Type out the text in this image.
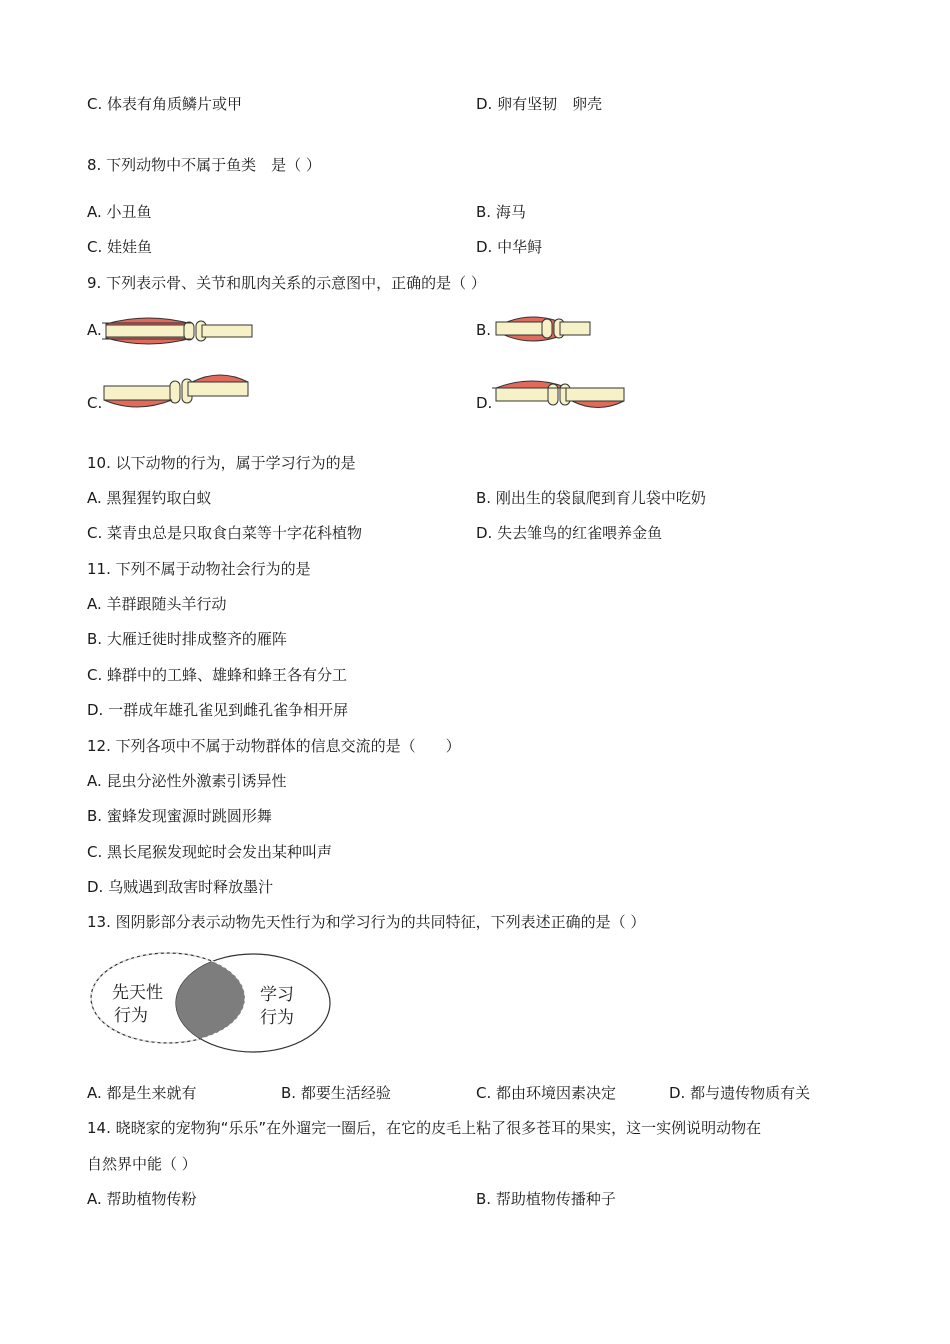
C. 体表有角质鳞片或甲	D. 卵有坚韧　卵壳
8. 下列动物中不属于鱼类　是（ ）
A. 小丑鱼	B. 海马
C. 娃娃鱼	D. 中华鲟
9. 下列表示骨、关节和肌肉关系的示意图中，正确的是（ ）
A.	B.
C.	D.
10. 以下动物的行为，属于学习行为的是
A. 黑猩猩钓取白蚁	B. 刚出生的袋鼠爬到育儿袋中吃奶
C. 菜青虫总是只取食白菜等十字花科植物	D. 失去雏鸟的红雀喂养金鱼
11. 下列不属于动物社会行为的是
A. 羊群跟随头羊行动
B. 大雁迁徙时排成整齐的雁阵
C. 蜂群中的工蜂、雄蜂和蜂王各有分工
D. 一群成年雄孔雀见到雌孔雀争相开屏
12. 下列各项中不属于动物群体的信息交流的是（　　）
A. 昆虫分泌性外激素引诱异性
B. 蜜蜂发现蜜源时跳圆形舞
C. 黑长尾猴发现蛇时会发出某种叫声
D. 乌贼遇到敌害时释放墨汁
13. 图阴影部分表示动物先天性行为和学习行为的共同特征，下列表述正确的是（ ）
先天性
行为
学习
行为
A. 都是生来就有	B. 都要生活经验	C. 都由环境因素决定	D. 都与遗传物质有关
14. 晓晓家的宠物狗“乐乐”在外遛完一圈后，在它的皮毛上粘了很多苍耳的果实，这一实例说明动物在
自然界中能（ ）
A. 帮助植物传粉	B. 帮助植物传播种子
